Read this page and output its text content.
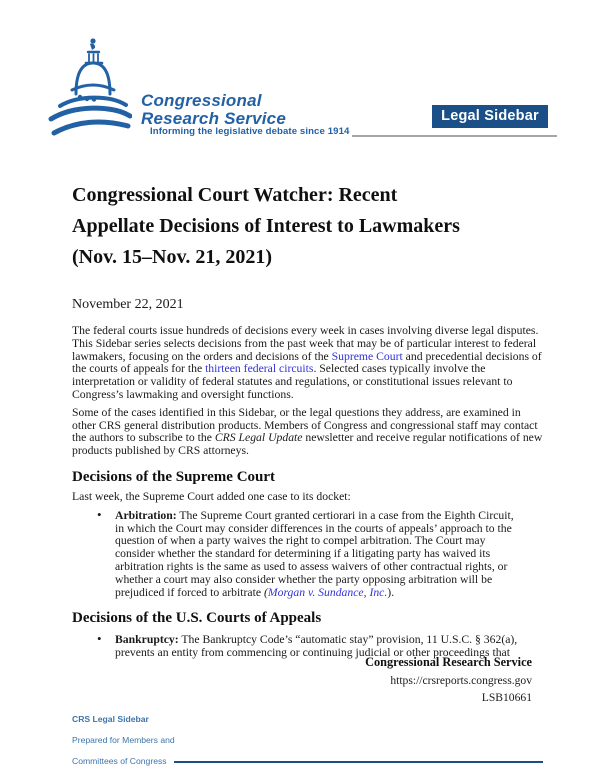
Congressional
Research Service
Informing the legislative debate since 1914
Legal Sidebar
Congressional Court Watcher: Recent
Appellate Decisions of Interest to Lawmakers
(Nov. 15–Nov. 21, 2021)
November 22, 2021

The federal courts issue hundreds of decisions every week in cases involving diverse legal disputes. This Sidebar series selects decisions from the past week that may be of particular interest to federal lawmakers, focusing on the orders and decisions of the Supreme Court and precedential decisions of the courts of appeals for the thirteen federal circuits. Selected cases typically involve the interpretation or validity of federal statutes and regulations, or constitutional issues relevant to Congress’s lawmaking and oversight functions.

Some of the cases identified in this Sidebar, or the legal questions they address, are examined in other CRS general distribution products. Members of Congress and congressional staff may contact the authors to subscribe to the CRS Legal Update newsletter and receive regular notifications of new products published by CRS attorneys.

Decisions of the Supreme Court

Last week, the Supreme Court added one case to its docket:

• Arbitration: The Supreme Court granted certiorari in a case from the Eighth Circuit, in which the Court may consider differences in the courts of appeals’ approach to the question of when a party waives the right to compel arbitration. The Court may consider whether the standard for determining if a litigating party has waived its arbitration rights is the same as used to assess waivers of other contractual rights, or whether a court may also consider whether the party opposing arbitration will be prejudiced if forced to arbitrate (Morgan v. Sundance, Inc.).
Decisions of the U.S. Courts of Appeals
• Bankruptcy: The Bankruptcy Code’s “automatic stay” provision, 11 U.S.C. § 362(a), prevents an entity from commencing or continuing judicial or other proceedings that
Congressional Research Service
https://crsreports.congress.gov
LSB10661
CRS Legal Sidebar
Prepared for Members and
Committees of Congress
